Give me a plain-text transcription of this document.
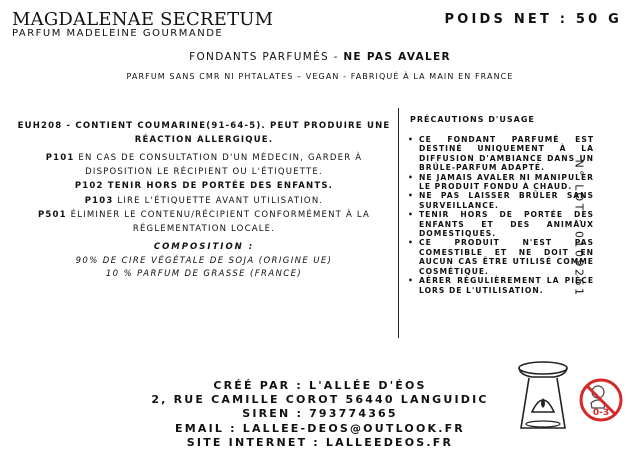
MAGDALENAE SECRETUM
PARFUM MADELEINE GOURMANDE
POIDS NET : 50 G
FONDANTS PARFUMÉS - NE PAS AVALER
PARFUM SANS CMR NI PHTALATES – VEGAN - FABRIQUÉ À LA MAIN EN FRANCE

EUH208 - CONTIENT COUMARINE(91-64-5). PEUT PRODUIRE UNE RÉACTION ALLERGIQUE.

P101 EN CAS DE CONSULTATION D'UN MÉDECIN, GARDER À DISPOSITION LE RÉCIPIENT OU L'ÉTIQUETTE.

P102 TENIR HORS DE PORTÉE DES ENFANTS.

P103 LIRE L'ÉTIQUETTE AVANT UTILISATION.

P501 ÉLIMINER LE CONTENU/RÉCIPIENT CONFORMÉMENT À LA RÉGLEMENTATION LOCALE.

COMPOSITION :
90% DE CIRE VÉGÉTALE DE SOJA (ORIGINE UE)
10 % PARFUM DE GRASSE (FRANCE)
PRÉCAUTIONS D'USAGE
• CE FONDANT PARFUMÉ EST DESTINÉ UNIQUEMENT À LA DIFFUSION D'AMBIANCE DANS UN BRÛLE-PARFUM ADAPTÉ.
• NE JAMAIS AVALER NI MANIPULER LE PRODUIT FONDU À CHAUD.
• NE PAS LAISSER BRÛLER SANS SURVEILLANCE.
• TENIR HORS DE PORTÉE DES ENFANTS ET DES ANIMAUX DOMESTIQUES.
• CE PRODUIT N'EST PAS COMESTIBLE ET NE DOIT EN AUCUN CAS ÊTRE UTILISÉ COMME COSMÉTIQUE.
• AÉRER RÉGULIÈREMENT LA PIÈCE LORS DE L'UTILISATION.	N° LOT : 0109261
CRÉÉ PAR : L'ALLÉE D'ÉOS
2, RUE CAMILLE COROT 56440 LANGUIDIC
SIREN : 793774365
EMAIL : LALLEE-DEOS@OUTLOOK.FR
SITE INTERNET : LALLEEDEOS.FR
0-3
